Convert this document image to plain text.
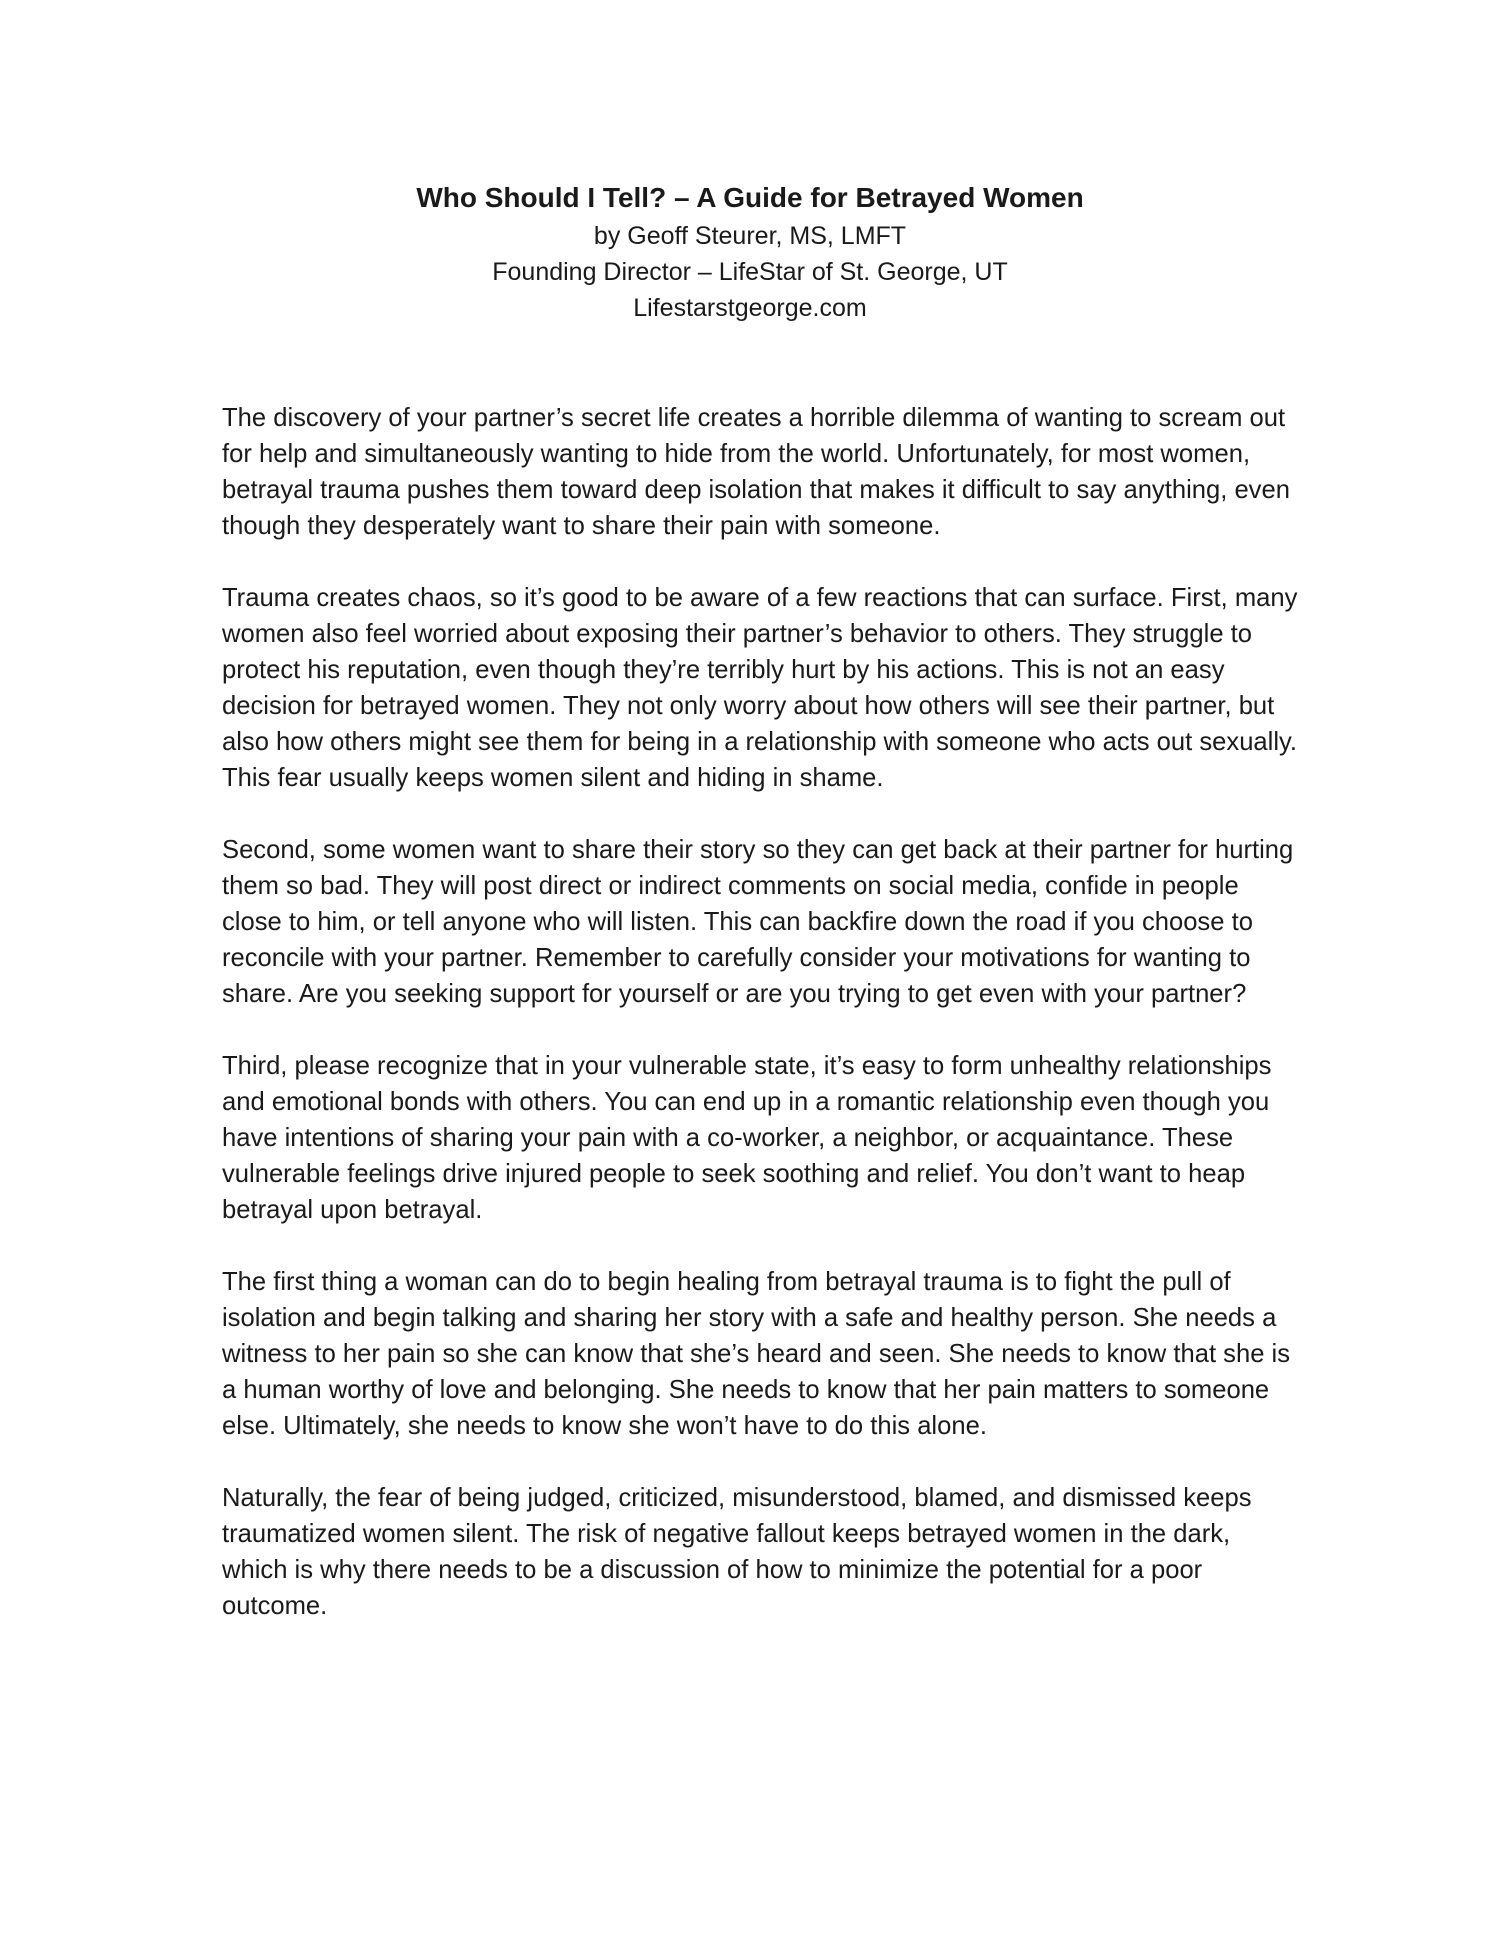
Who Should I Tell? – A Guide for Betrayed Women

by Geoff Steurer, MS, LMFT

Founding Director – LifeStar of St. George, UT

Lifestarstgeorge.com

The discovery of your partner’s secret life creates a horrible dilemma of wanting to scream out for help and simultaneously wanting to hide from the world. Unfortunately, for most women, betrayal trauma pushes them toward deep isolation that makes it difficult to say anything, even though they desperately want to share their pain with someone.

Trauma creates chaos, so it’s good to be aware of a few reactions that can surface. First, many women also feel worried about exposing their partner’s behavior to others. They struggle to protect his reputation, even though they’re terribly hurt by his actions. This is not an easy decision for betrayed women. They not only worry about how others will see their partner, but also how others might see them for being in a relationship with someone who acts out sexually. This fear usually keeps women silent and hiding in shame.

Second, some women want to share their story so they can get back at their partner for hurting them so bad. They will post direct or indirect comments on social media, confide in people close to him, or tell anyone who will listen. This can backfire down the road if you choose to reconcile with your partner. Remember to carefully consider your motivations for wanting to share. Are you seeking support for yourself or are you trying to get even with your partner?

Third, please recognize that in your vulnerable state, it’s easy to form unhealthy relationships and emotional bonds with others. You can end up in a romantic relationship even though you have intentions of sharing your pain with a co-worker, a neighbor, or acquaintance. These vulnerable feelings drive injured people to seek soothing and relief. You don’t want to heap betrayal upon betrayal.

The first thing a woman can do to begin healing from betrayal trauma is to fight the pull of isolation and begin talking and sharing her story with a safe and healthy person. She needs a witness to her pain so she can know that she’s heard and seen. She needs to know that she is a human worthy of love and belonging. She needs to know that her pain matters to someone else. Ultimately, she needs to know she won’t have to do this alone.

Naturally, the fear of being judged, criticized, misunderstood, blamed, and dismissed keeps traumatized women silent. The risk of negative fallout keeps betrayed women in the dark, which is why there needs to be a discussion of how to minimize the potential for a poor outcome.
